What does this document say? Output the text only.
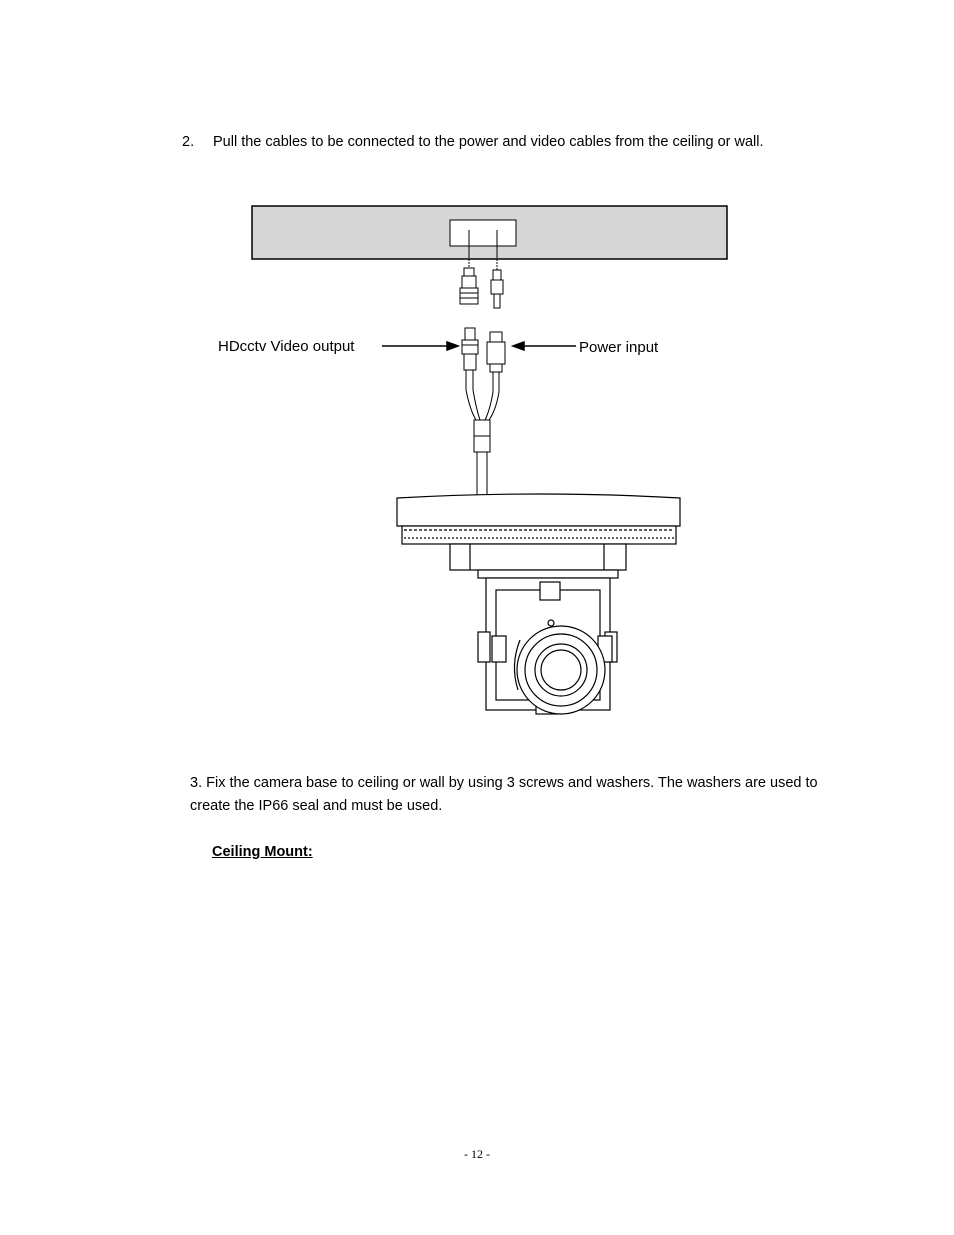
2. Pull the cables to be connected to the power and video cables from the ceiling or wall.
HDcctv Video output	Power input
3. Fix the camera base to ceiling or wall by using 3 screws and washers. The washers are used to
create the IP66 seal and must be used.
Ceiling Mount:
- 12 -
